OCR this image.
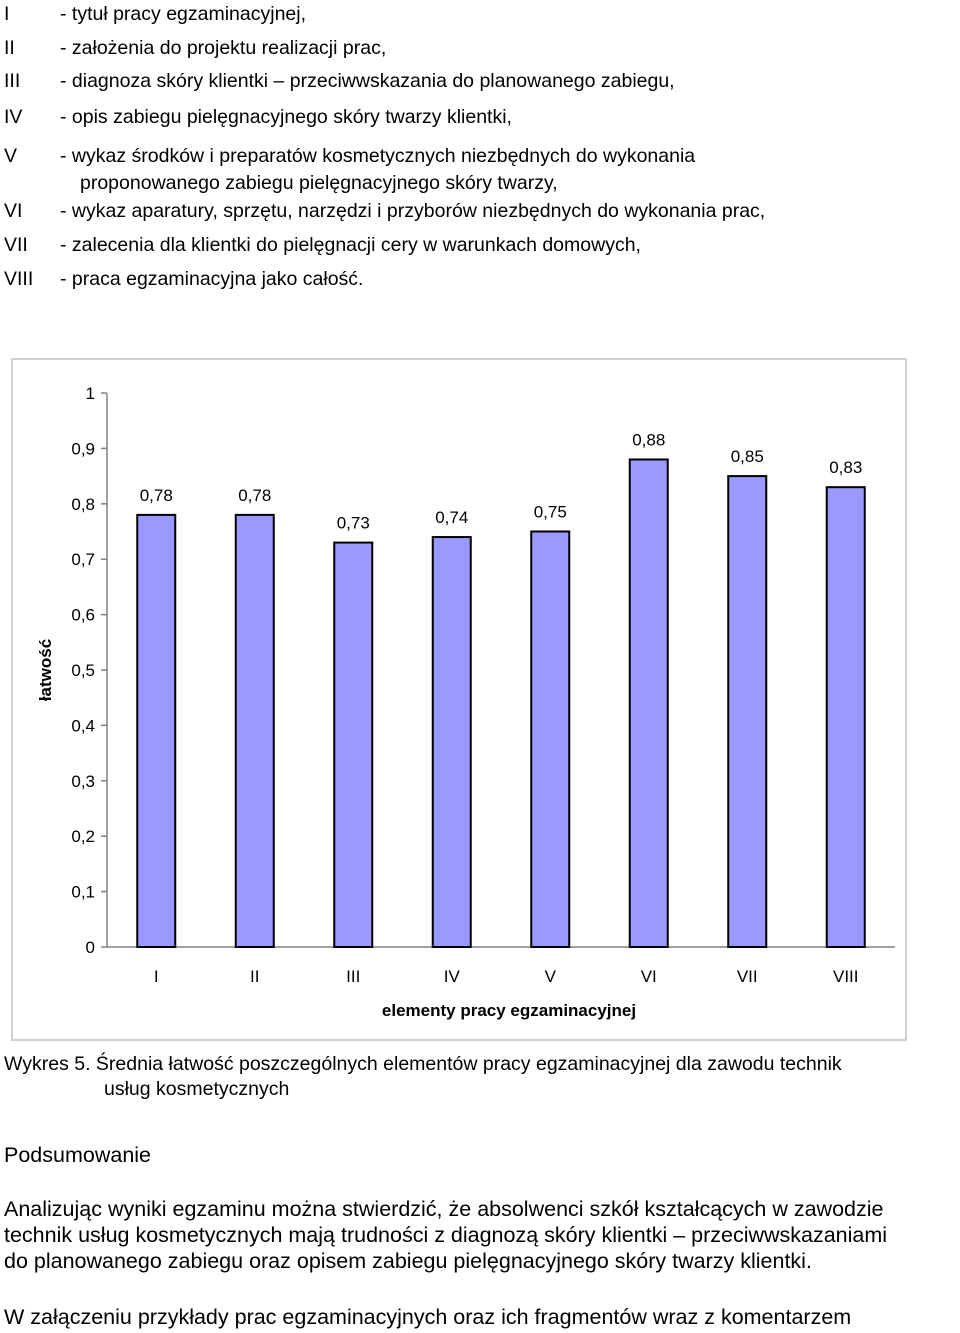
I	- tytuł pracy egzaminacyjnej,
II - założenia do projektu realizacji prac,
III - diagnoza skóry klientki – przeciwwskazania do planowanego zabiegu,
IV - opis zabiegu pielęgnacyjnego skóry twarzy klientki,
V - wykaz środków i preparatów kosmetycznych niezbędnych do wykonania
proponowanego zabiegu pielęgnacyjnego skóry twarzy,
VI - wykaz aparatury, sprzętu, narzędzi i przyborów niezbędnych do wykonania prac,
VII - zalecenia dla klientki do pielęgnacji cery w warunkach domowych,
VIII - praca egzaminacyjna jako całość.
0
0,1
0,2
0,3
0,4
0,5
0,6
0,7
0,8
0,9
1
0,78
I
0,78
II
0,73
III
0,74
IV
0,75
V
0,88
VI
0,85
VII
0,83
VIII
elementy pracy egzaminacyjnej
łatwość
Wykres 5. Średnia łatwość poszczególnych elementów pracy egzaminacyjnej dla zawodu technik
usług kosmetycznych
Podsumowanie
Analizując wyniki egzaminu można stwierdzić, że absolwenci szkół kształcących w zawodzie
technik usług kosmetycznych mają trudności z diagnozą skóry klientki – przeciwwskazaniami
do planowanego zabiegu oraz opisem zabiegu pielęgnacyjnego skóry twarzy klientki.
W załączeniu przykłady prac egzaminacyjnych oraz ich fragmentów wraz z komentarzem
